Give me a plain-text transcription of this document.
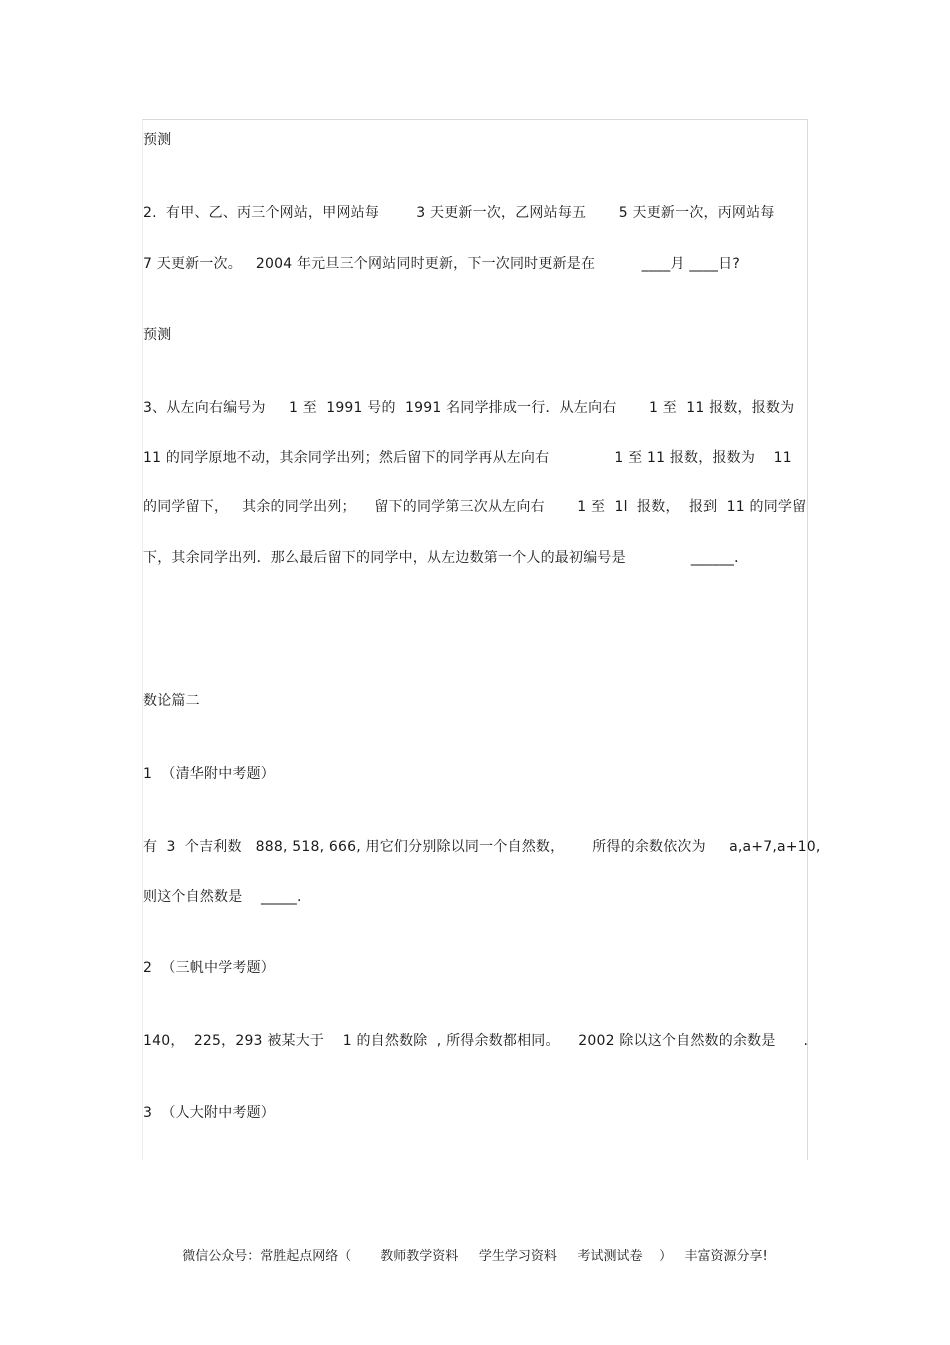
预测
2.  有甲、乙、丙三个网站，甲网站每        3 天更新一次，乙网站每五       5 天更新一次，丙网站每
7 天更新一次。   2004 年元旦三个网站同时更新，下一次同时更新是在          ____月 ____日?
预测
3、从左向右编号为     1 至  1991 号的  1991 名同学排成一行．从左向右       1 至  11 报数，报数为
11 的同学原地不动，其余同学出列；然后留下的同学再从左向右              1 至 11 报数，报数为    11
的同学留下，   其余的同学出列；    留下的同学第三次从左向右       1 至  1l  报数，  报到  11 的同学留
下，其余同学出列．那么最后留下的同学中，从左边数第一个人的最初编号是              ______．
数论篇二
1  （清华附中考题）
有  3  个吉利数   888, 518, 666, 用它们分别除以同一个自然数，      所得的余数依次为     a,a+7,a+10,
则这个自然数是    _____.
2  （三帆中学考题）
140，  225，293 被某大于    1 的自然数除  , 所得余数都相同。    2002 除以这个自然数的余数是      .
3  （人大附中考题）
微信公众号：常胜起点网络（       教师教学资料     学生学习资料     考试测试卷    ）   丰富资源分享!
